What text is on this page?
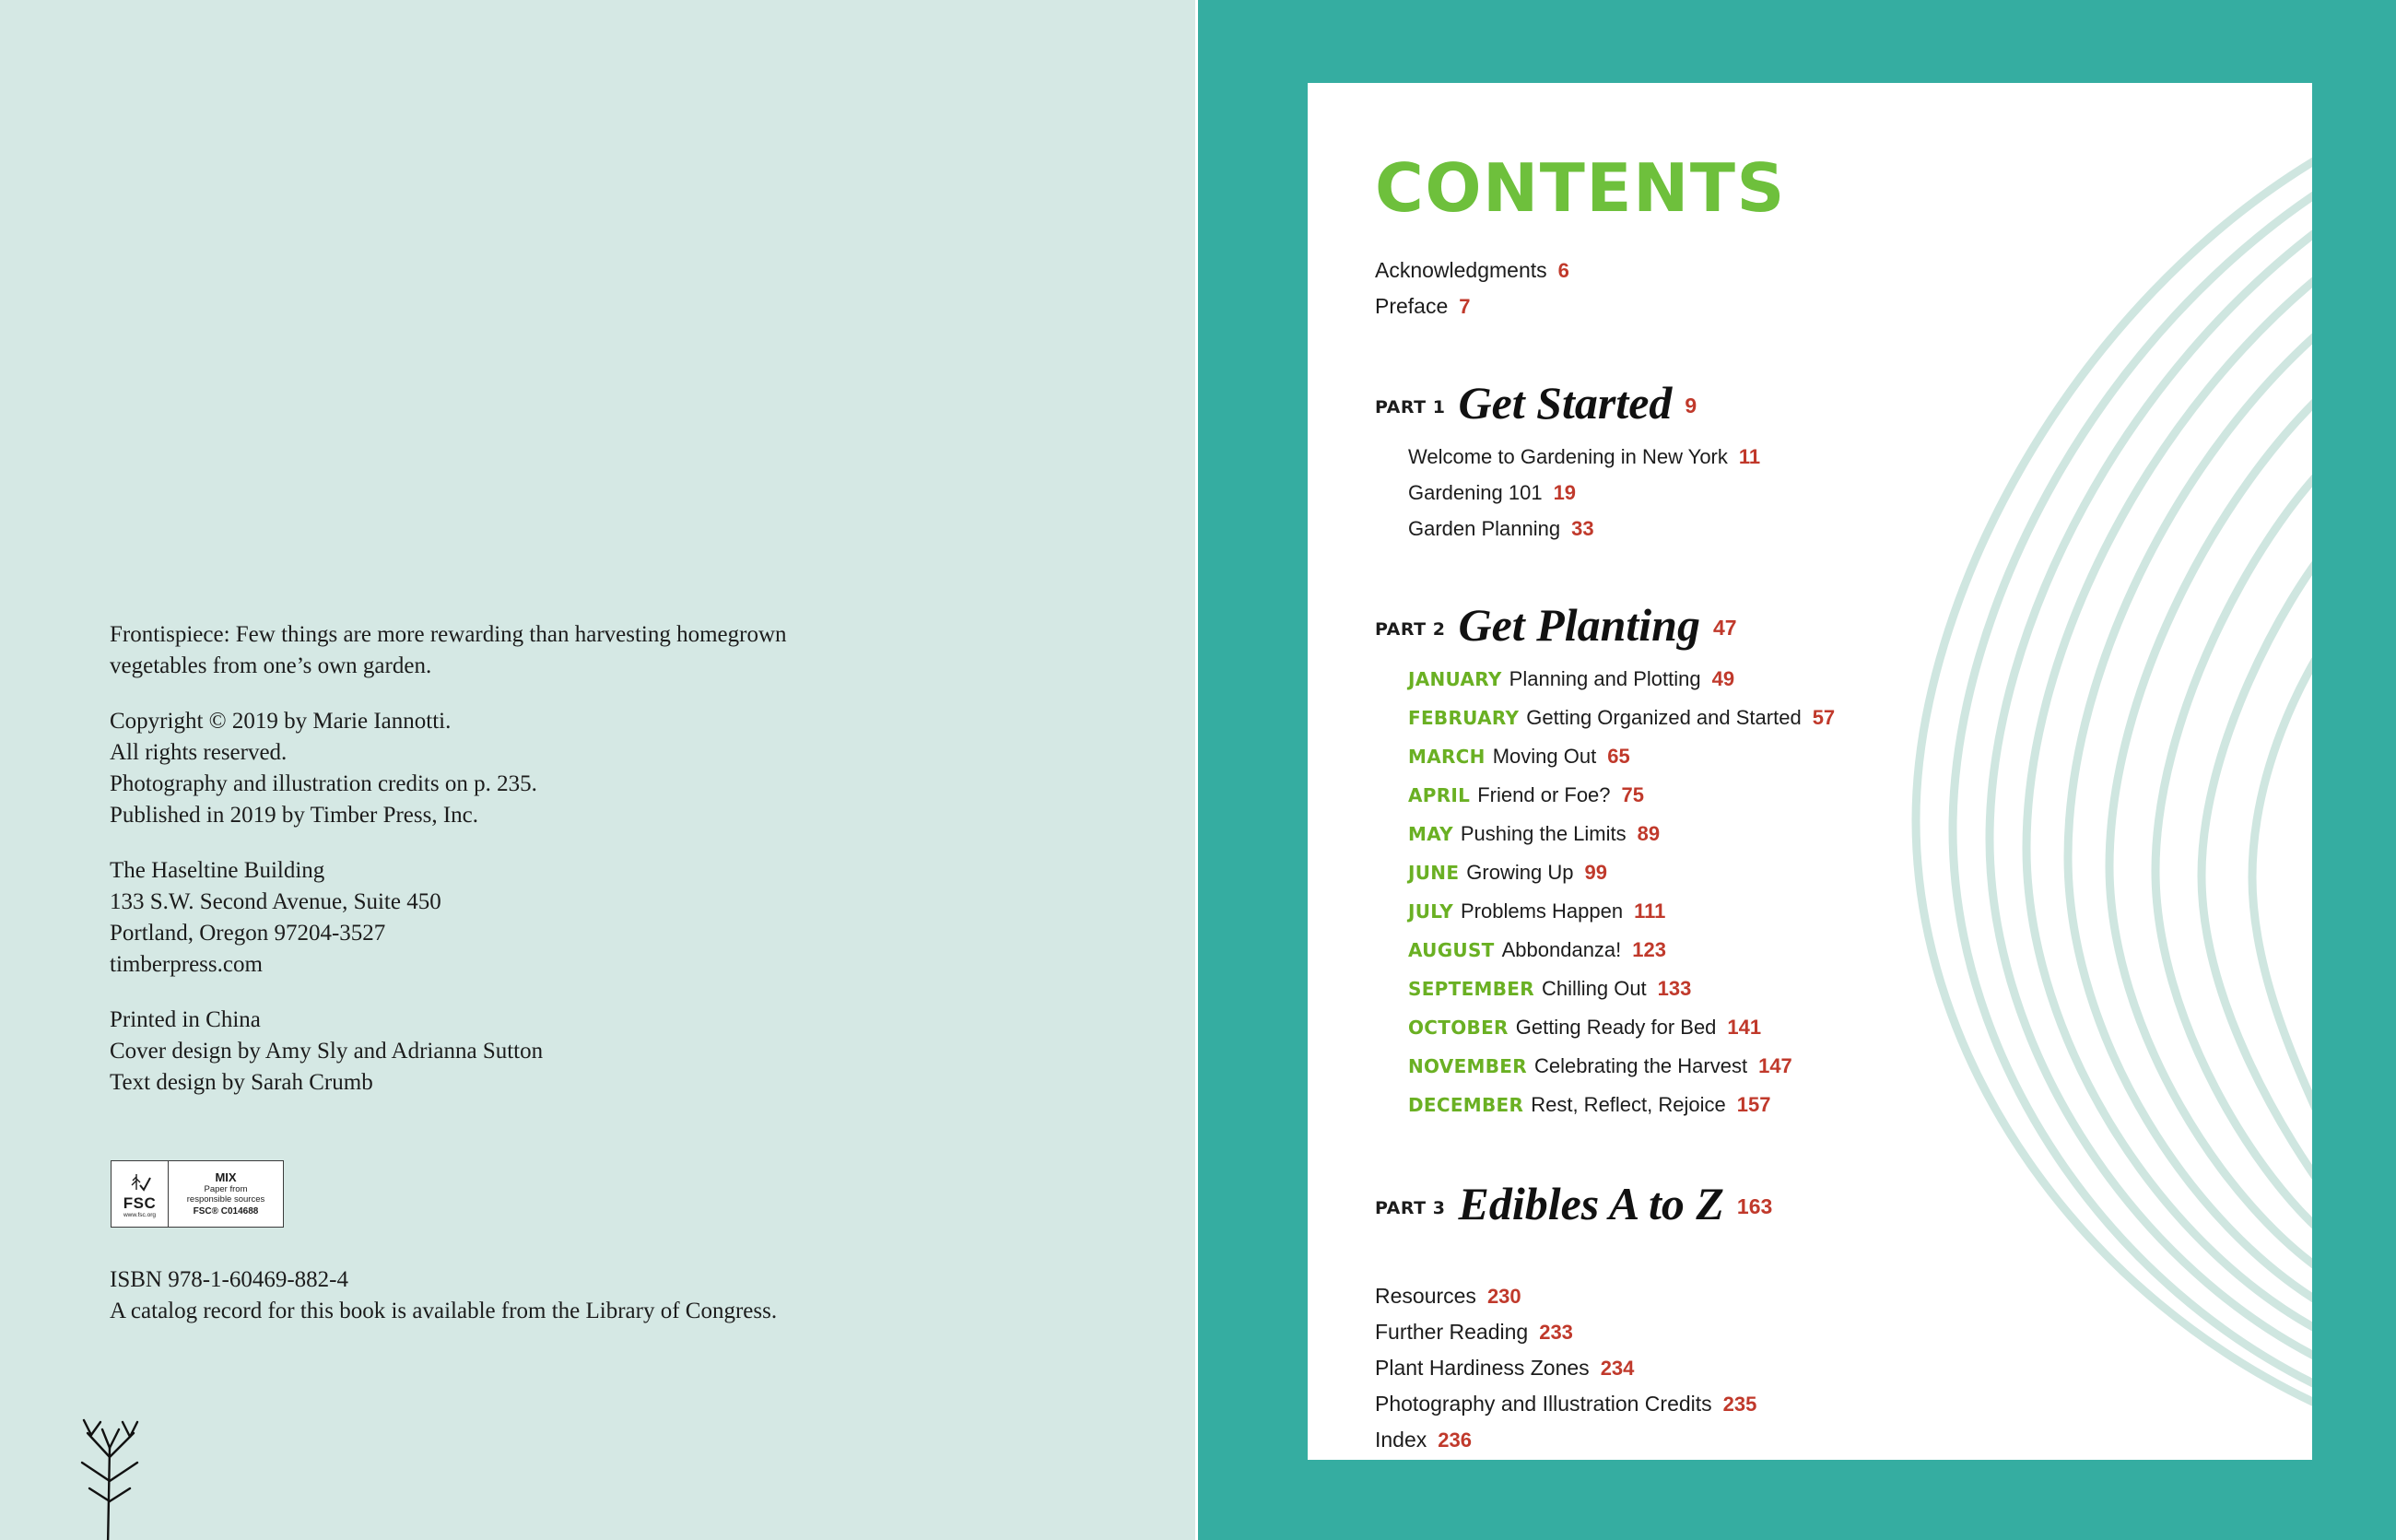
Frontispiece: Few things are more rewarding than harvesting homegrown vegetables from one’s own garden.

Copyright © 2019 by Marie Iannotti.
All rights reserved.
Photography and illustration credits on p. 235.
Published in 2019 by Timber Press, Inc.

The Haseltine Building
133 S.W. Second Avenue, Suite 450
Portland, Oregon 97204-3527
timberpress.com

Printed in China
Cover design by Amy Sly and Adrianna Sutton
Text design by Sarah Crumb

FSC
www.fsc.org
MIX
Paper from
responsible sources
FSC® C014688
ISBN 978-1-60469-882-4
A catalog record for this book is available from the Library of Congress.
CONTENTS
Acknowledgments 6
Preface 7
PART 1 Get Started 9
Welcome to Gardening in New York 11
Gardening 101 19
Garden Planning 33
PART 2 Get Planting 47
JANUARY Planning and Plotting 49
FEBRUARY Getting Organized and Started 57
MARCH Moving Out 65
APRIL Friend or Foe? 75
MAY Pushing the Limits 89
JUNE Growing Up 99
JULY Problems Happen 111
AUGUST Abbondanza! 123
SEPTEMBER Chilling Out 133
OCTOBER Getting Ready for Bed 141
NOVEMBER Celebrating the Harvest 147
DECEMBER Rest, Reflect, Rejoice 157
PART 3 Edibles A to Z 163
Resources 230
Further Reading 233
Plant Hardiness Zones 234
Photography and Illustration Credits 235
Index 236
